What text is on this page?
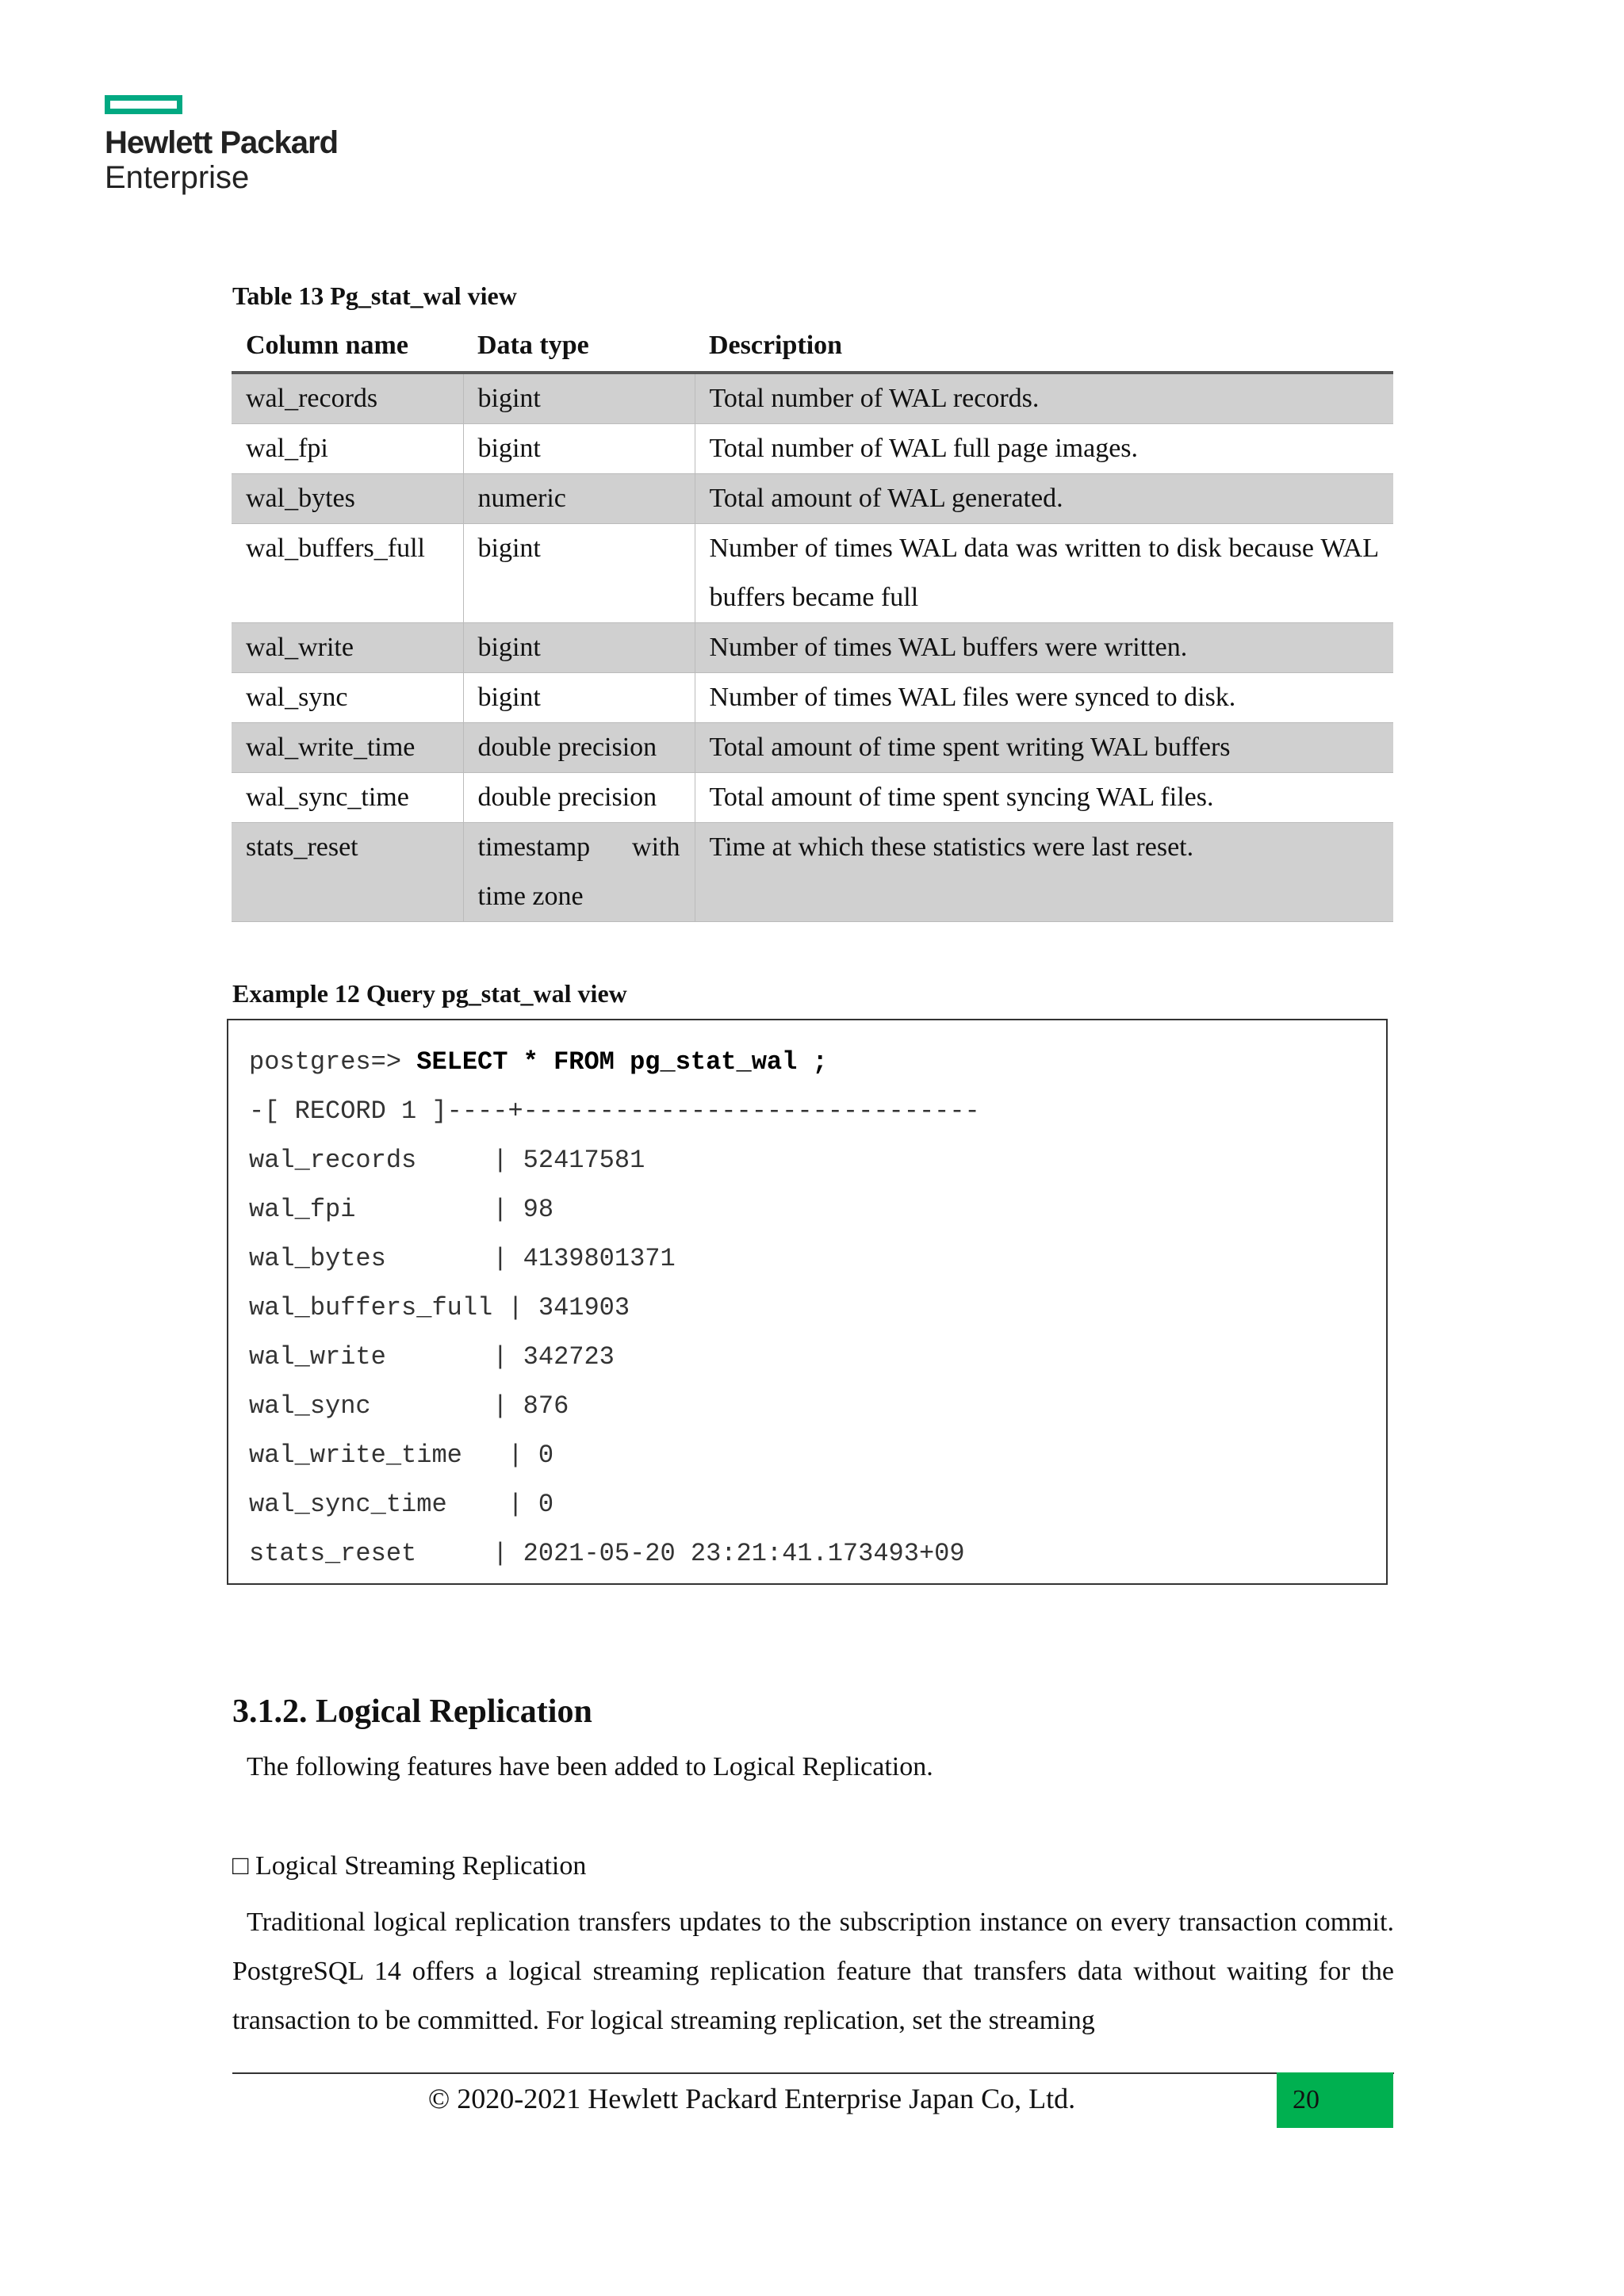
Hewlett Packard
Enterprise
Table 13 Pg_stat_wal view
Column name	Data type	Description
wal_records	bigint	Total number of WAL records.
wal_fpi	bigint	Total number of WAL full page images.
wal_bytes	numeric	Total amount of WAL generated.
wal_buffers_full	bigint	Number of times WAL data was written to disk because WAL buffers became full
wal_write	bigint	Number of times WAL buffers were written.
wal_sync	bigint	Number of times WAL files were synced to disk.
wal_write_time	double precision	Total amount of time spent writing WAL buffers
wal_sync_time	double precision	Total amount of time spent syncing WAL files.
stats_reset	timestamp with time zone	Time at which these statistics were last reset.
Example 12 Query pg_stat_wal view
postgres=> SELECT * FROM pg_stat_wal ;
-[ RECORD 1 ]----+------------------------------
wal_records     | 52417581
wal_fpi         | 98
wal_bytes       | 4139801371
wal_buffers_full | 341903
wal_write       | 342723
wal_sync        | 876
wal_write_time   | 0
wal_sync_time    | 0
stats_reset     | 2021-05-20 23:21:41.173493+09
3.1.2. Logical Replication
The following features have been added to Logical Replication.
□ Logical Streaming Replication
Traditional logical replication transfers updates to the subscription instance on every transaction commit. PostgreSQL 14 offers a logical streaming replication feature that transfers data without waiting for the transaction to be committed. For logical streaming replication, set the streaming
© 2020-2021 Hewlett Packard Enterprise Japan Co, Ltd.	20
